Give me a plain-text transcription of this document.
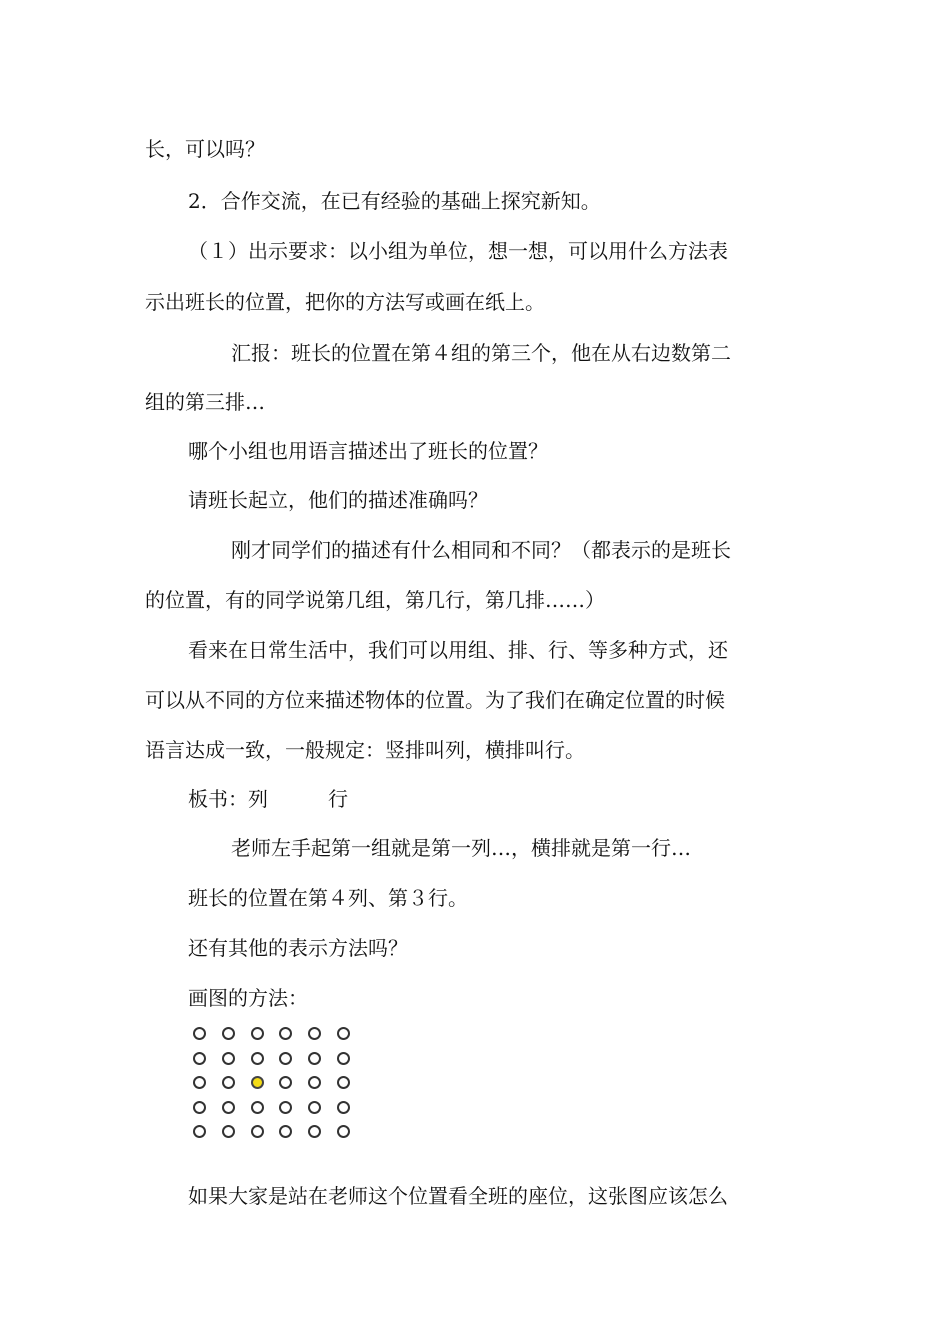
长，可以吗？
2．合作交流，在已有经验的基础上探究新知。
（１）出示要求：以小组为单位，想一想，可以用什么方法表
示出班长的位置，把你的方法写或画在纸上。
汇报：班长的位置在第４组的第三个，他在从右边数第二
组的第三排…
哪个小组也用语言描述出了班长的位置？
请班长起立，他们的描述准确吗？
刚才同学们的描述有什么相同和不同？（都表示的是班长
的位置，有的同学说第几组，第几行，第几排……）
看来在日常生活中，我们可以用组、排、行、等多种方式，还
可以从不同的方位来描述物体的位置。为了我们在确定位置的时候
语言达成一致，一般规定：竖排叫列，横排叫行。
板书：列　　　行
老师左手起第一组就是第一列…，横排就是第一行…
班长的位置在第４列、第３行。
还有其他的表示方法吗？
画图的方法：
如果大家是站在老师这个位置看全班的座位，这张图应该怎么
